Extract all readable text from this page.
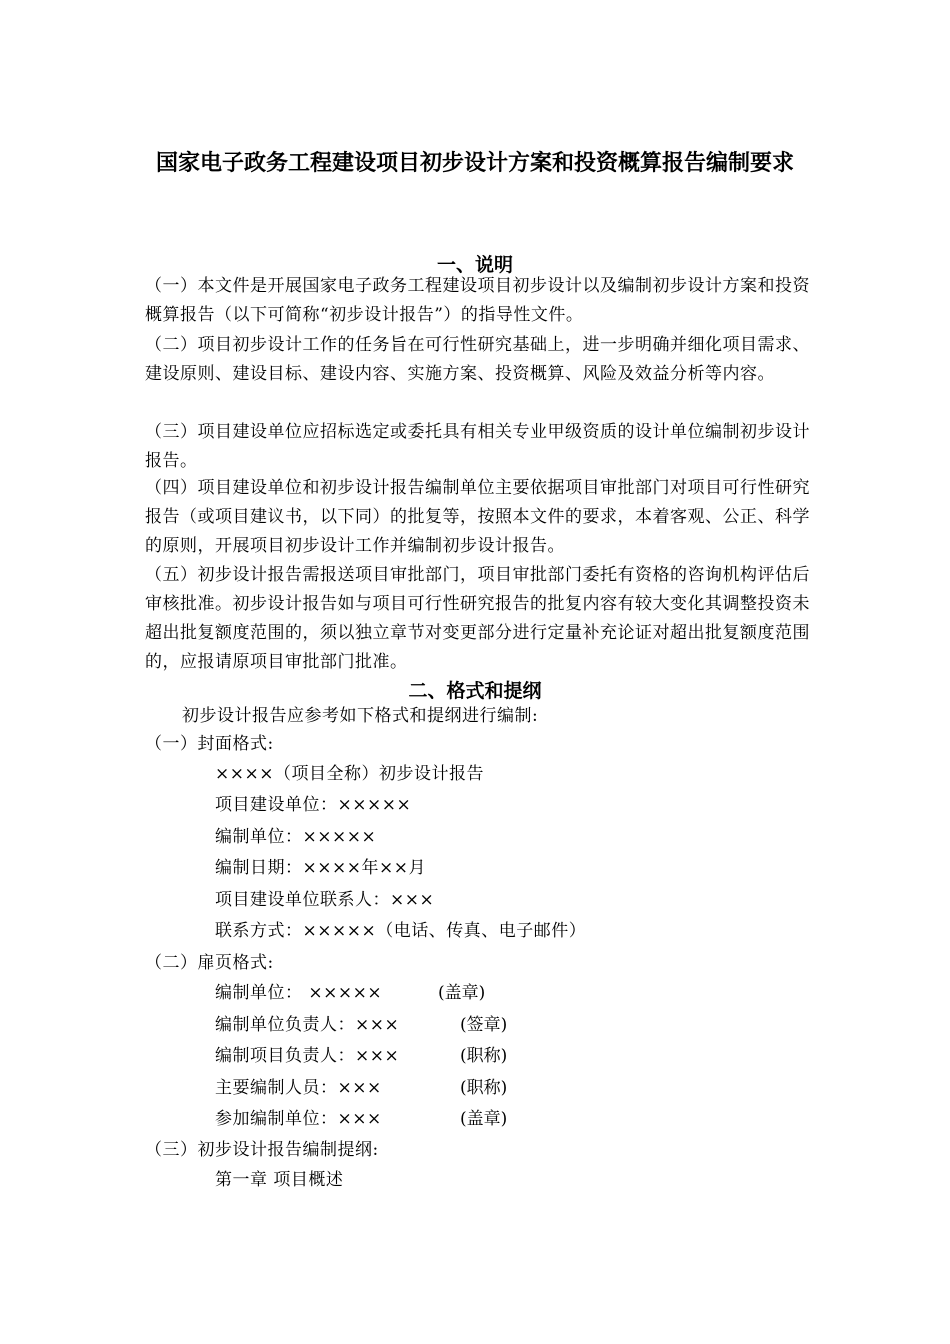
国家电子政务工程建设项目初步设计方案和投资概算报告编制要求
一、说明

（一）本文件是开展国家电子政务工程建设项目初步设计以及编制初步设计方案和投资概算报告（以下可简称“初步设计报告”）的指导性文件。

（二）项目初步设计工作的任务旨在可行性研究基础上，进一步明确并细化项目需求、建设原则、建设目标、建设内容、实施方案、投资概算、风险及效益分析等内容。

（三）项目建设单位应招标选定或委托具有相关专业甲级资质的设计单位编制初步设计报告。

（四）项目建设单位和初步设计报告编制单位主要依据项目审批部门对项目可行性研究报告（或项目建议书，以下同）的批复等，按照本文件的要求，本着客观、公正、科学的原则，开展项目初步设计工作并编制初步设计报告。

（五）初步设计报告需报送项目审批部门，项目审批部门委托有资格的咨询机构评估后审核批准。初步设计报告如与项目可行性研究报告的批复内容有较大变化其调整投资未超出批复额度范围的，须以独立章节对变更部分进行定量补充论证对超出批复额度范围的，应报请原项目审批部门批准。

二、格式和提纲

初步设计报告应参考如下格式和提纲进行编制:

（一）封面格式:

××××（项目全称）初步设计报告

项目建设单位：×××××

编制单位：×××××

编制日期：××××年××月

项目建设单位联系人：×××

联系方式：×××××（电话、传真、电子邮件）

（二）扉页格式:

编制单位： ×××××	(盖章)

编制单位负责人：×××	(签章)

编制项目负责人：×××	(职称)

主要编制人员：×××	(职称)

参加编制单位：×××	(盖章)

（三）初步设计报告编制提纲:

第一章 项目概述
